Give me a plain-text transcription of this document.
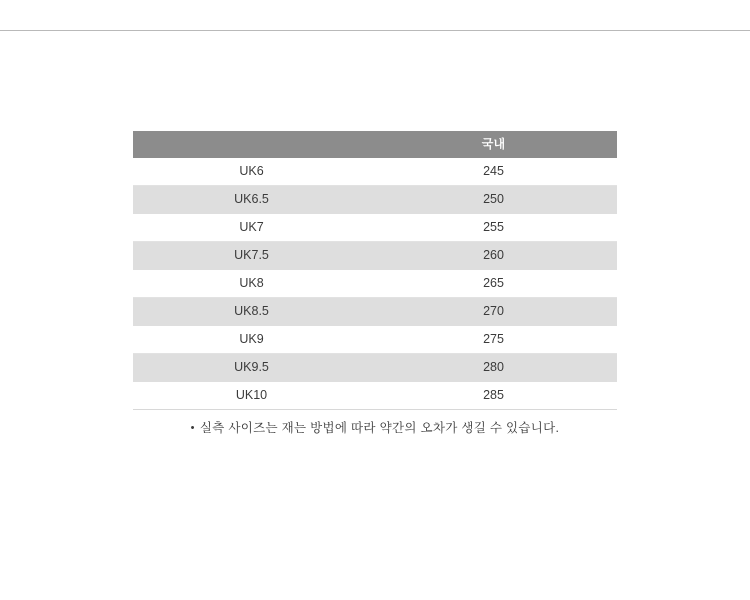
	국내
UK6	245
UK6.5	250
UK7	255
UK7.5	260
UK8	265
UK8.5	270
UK9	275
UK9.5	280
UK10	285
• 실측 사이즈는 재는 방법에 따라 약간의 오차가 생길 수 있습니다.
